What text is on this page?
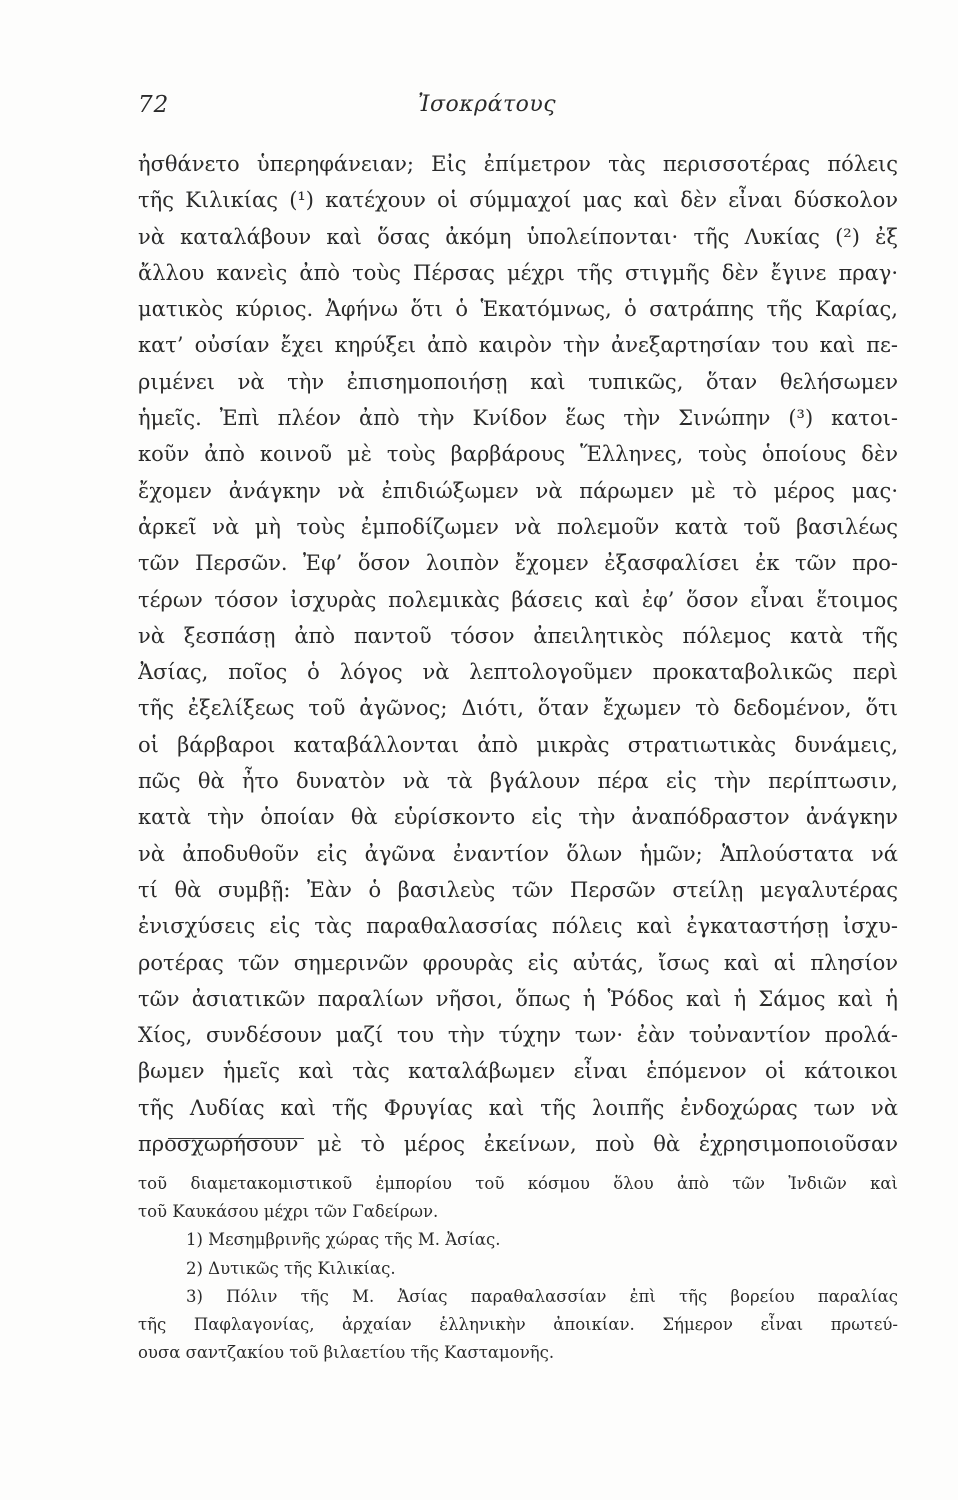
72	Ἰσοκράτους
ἠσθάνετο ὑπερηφάνειαν; Εἰς ἐπίμετρον τὰς περισσοτέρας πόλεις
τῆς Κιλικίας (¹) κατέχουν οἱ σύμμαχοί μας καὶ δὲν εἶναι δύσκολον
νὰ καταλάβουν καὶ ὅσας ἀκόμη ὑπολείπονται· τῆς Λυκίας (²) ἐξ
ἄλλου κανεὶς ἀπὸ τοὺς Πέρσας μέχρι τῆς στιγμῆς δὲν ἔγινε πραγ·
ματικὸς κύριος. Ἀφήνω ὅτι ὁ Ἑκατόμνως, ὁ σατράπης τῆς Καρίας,
κατ’ οὐσίαν ἔχει κηρύξει ἀπὸ καιρὸν τὴν ἀνεξαρτησίαν του καὶ πε-
ριμένει νὰ τὴν ἐπισημοποιήσῃ καὶ τυπικῶς, ὅταν θελήσωμεν
ἡμεῖς. Ἐπὶ πλέον ἀπὸ τὴν Κνίδον ἕως τὴν Σινώπην (³) κατοι-
κοῦν ἀπὸ κοινοῦ μὲ τοὺς βαρβάρους Ἕλληνες, τοὺς ὁποίους δὲν
ἔχομεν ἀνάγκην νὰ ἐπιδιώξωμεν νὰ πάρωμεν μὲ τὸ μέρος μας·
ἀρκεῖ νὰ μὴ τοὺς ἐμποδίζωμεν νὰ πολεμοῦν κατὰ τοῦ βασιλέως
τῶν Περσῶν. Ἐφ’ ὅσον λοιπὸν ἔχομεν ἐξασφαλίσει ἐκ τῶν προ-
τέρων τόσον ἰσχυρὰς πολεμικὰς βάσεις καὶ ἐφ’ ὅσον εἶναι ἕτοιμος
νὰ ξεσπάσῃ ἀπὸ παντοῦ τόσον ἀπειλητικὸς πόλεμος κατὰ τῆς
Ἀσίας, ποῖος ὁ λόγος νὰ λεπτολογοῦμεν προκαταβολικῶς περὶ
τῆς ἐξελίξεως τοῦ ἀγῶνος; Διότι, ὅταν ἔχωμεν τὸ δεδομένον, ὅτι
οἱ βάρβαροι καταβάλλονται ἀπὸ μικρὰς στρατιωτικὰς δυνάμεις,
πῶς θὰ ἦτο δυνατὸν νὰ τὰ βγάλουν πέρα εἰς τὴν περίπτωσιν,
κατὰ τὴν ὁποίαν θὰ εὑρίσκοντο εἰς τὴν ἀναπόδραστον ἀνάγκην
νὰ ἀποδυθοῦν εἰς ἀγῶνα ἐναντίον ὅλων ἡμῶν; Ἁπλούστατα νά
τί θὰ συμβῇ: Ἐὰν ὁ βασιλεὺς τῶν Περσῶν στείλῃ μεγαλυτέρας
ἐνισχύσεις εἰς τὰς παραθαλασσίας πόλεις καὶ ἐγκαταστήσῃ ἰσχυ-
ροτέρας τῶν σημερινῶν φρουρὰς εἰς αὐτάς, ἴσως καὶ αἱ πλησίον
τῶν ἀσιατικῶν παραλίων νῆσοι, ὅπως ἡ Ῥόδος καὶ ἡ Σάμος καὶ ἡ
Χίος, συνδέσουν μαζί του τὴν τύχην των· ἐὰν τοὐναντίον προλά-
βωμεν ἡμεῖς καὶ τὰς καταλάβωμεν εἶναι ἑπόμενον οἱ κάτοικοι
τῆς Λυδίας καὶ τῆς Φρυγίας καὶ τῆς λοιπῆς ἐνδοχώρας των νὰ
προσχωρήσουν μὲ τὸ μέρος ἐκείνων, ποὺ θὰ ἐχρησιμοποιοῦσαν
τοῦ διαμετακομιστικοῦ ἐμπορίου τοῦ κόσμου ὅλου ἀπὸ τῶν Ἰνδιῶν καὶ
τοῦ Καυκάσου μέχρι τῶν Γαδείρων.
1) Μεσημβρινῆς χώρας τῆς Μ. Ἀσίας.
2) Δυτικῶς τῆς Κιλικίας.
3) Πόλιν τῆς Μ. Ἀσίας παραθαλασσίαν ἐπὶ τῆς βορείου παραλίας
τῆς Παφλαγονίας, ἀρχαίαν ἑλληνικὴν ἀποικίαν. Σήμερον εἶναι πρωτεύ-
ουσα σαντζακίου τοῦ βιλαετίου τῆς Κασταμονῆς.
